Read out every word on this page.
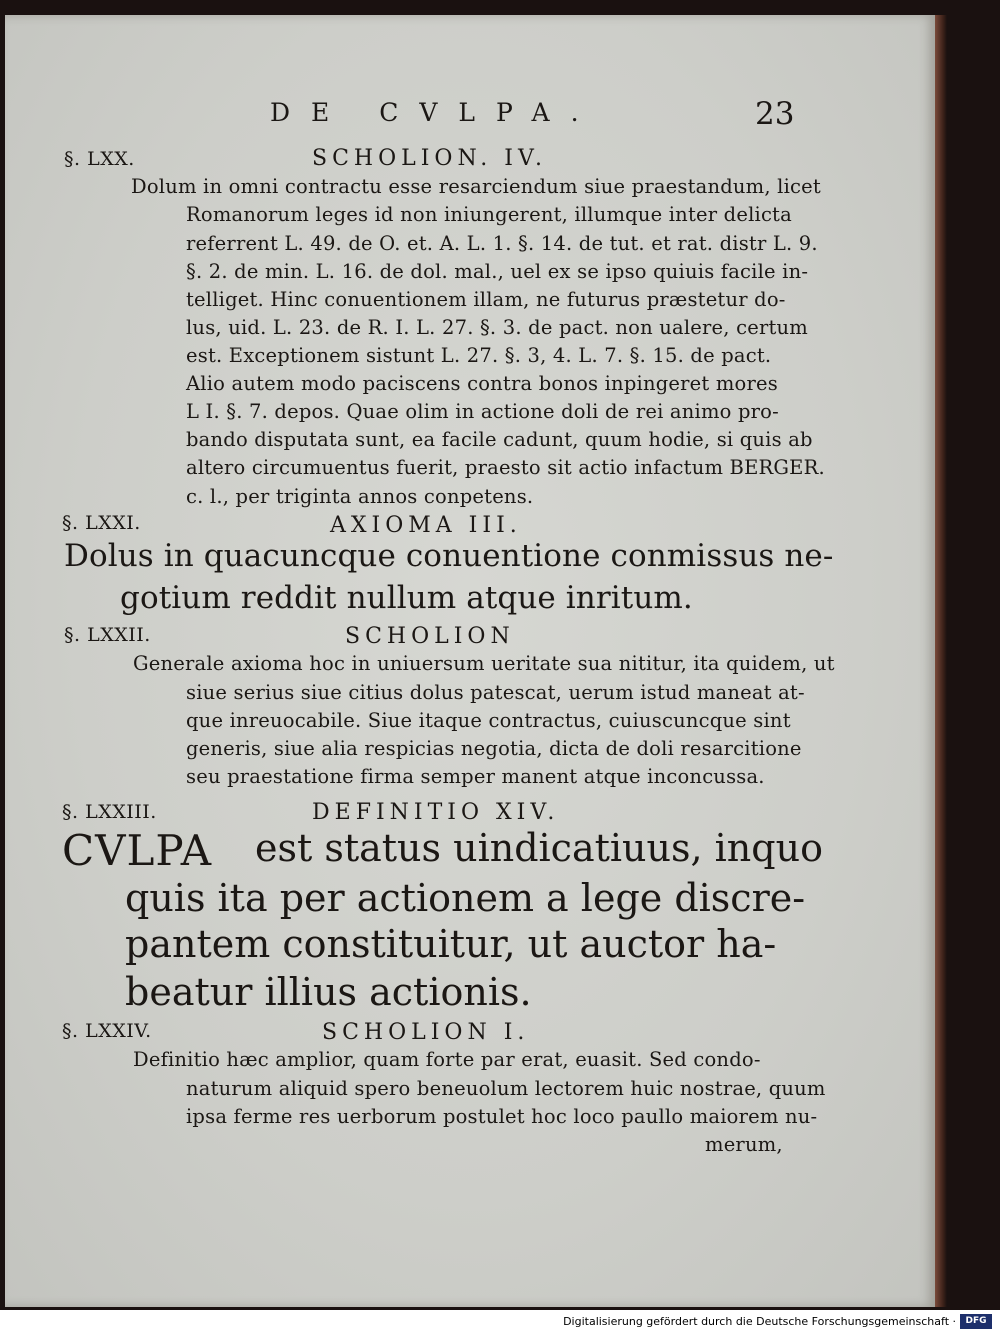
DE CVLPA.	23
§. LXX.	SCHOLION. IV.
Dolum in omni contractu esse resarciendum siue praestandum, licet
Romanorum leges id non iniungerent, illumque inter delicta
referrent L. 49. de O. et. A. L. 1. §. 14. de tut. et rat. distr L. 9.
§. 2. de min. L. 16. de dol. mal., uel ex se ipso quiuis facile in-
telliget. Hinc conuentionem illam, ne futurus præstetur do-
lus, uid. L. 23. de R. I. L. 27. §. 3. de pact. non ualere, certum
est. Exceptionem sistunt L. 27. §. 3, 4. L. 7. §. 15. de pact.
Alio autem modo paciscens contra bonos inpingeret mores
L I. §. 7. depos. Quae olim in actione doli de rei animo pro-
bando disputata sunt, ea facile cadunt, quum hodie, si quis ab
altero circumuentus fuerit, praesto sit actio infactum BERGER.
c. l., per triginta annos conpetens.
§. LXXI.	AXIOMA III.
Dolus in quacuncque conuentione conmissus ne-
gotium reddit nullum atque inritum.
§. LXXII.	SCHOLION
Generale axioma hoc in uniuersum ueritate sua nititur, ita quidem, ut
siue serius siue citius dolus patescat, uerum istud maneat at-
que inreuocabile. Siue itaque contractus, cuiuscuncque sint
generis, siue alia respicias negotia, dicta de doli resarcitione
seu praestatione firma semper manent atque inconcussa.
§. LXXIII.	DEFINITIO XIV.
CVLPA est status uindicatiuus, inquo
quis ita per actionem a lege discre-
pantem constituitur, ut auctor ha-
beatur illius actionis.
§. LXXIV.	SCHOLION I.
Definitio hæc amplior, quam forte par erat, euasit. Sed condo-
naturum aliquid spero beneuolum lectorem huic nostrae, quum
ipsa ferme res uerborum postulet hoc loco paullo maiorem nu-
merum,
Digitalisierung gefördert durch die Deutsche Forschungsgemeinschaft ·	DFG
